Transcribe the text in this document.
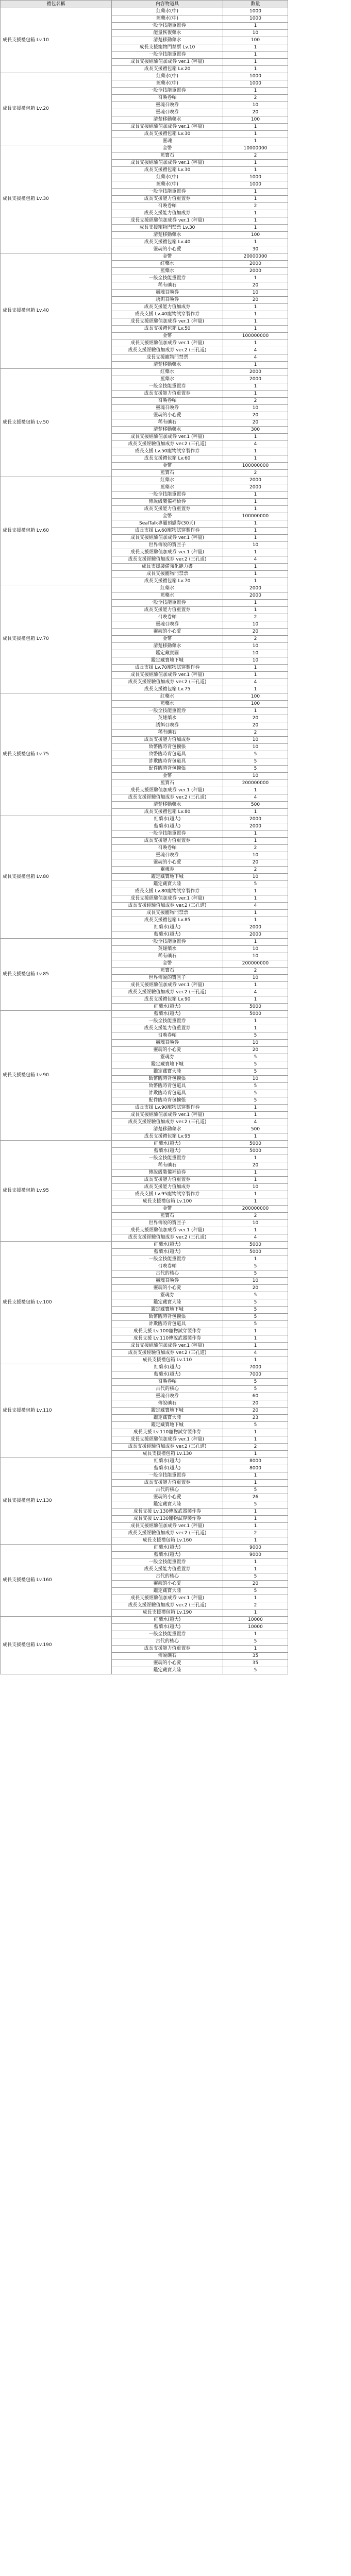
禮包名稱	內容物道具	數量
成長支援禮包箱 Lv.10	紅藥水(中)	1000
	藍藥水(中)	1000
	一般全技能重置券	1
	能量恢復藥水	10
	清楚移動藥水	100
	成長支援寵物門禁票 Lv.10	1
	一般全技能重置券	1
	成長支援經驗值加成券 ver.1 (秤量)	1
	成長支援禮包箱 Lv.20	1
成長支援禮包箱 Lv.20	紅藥水(中)	1000
	藍藥水(中)	1000
	一般全技能重置券	1
	召喚卷軸	2
	靈魂召喚券	10
	靈魂召喚券	20
	清楚移動藥水	100
	成長支援經驗值加成券 ver.1 (秤量)	1
	成長支援禮包箱 Lv.30	1
	靈魂	1
成長支援禮包箱 Lv.30	金幣	10000000
	藍寶石	2
	成長支援經驗值加成券 ver.1 (秤量)	1
	成長支援禮包箱 Lv.30	1
	紅藥水(中)	1000
	藍藥水(中)	1000
	一般全技能重置券	1
	成長支援能力值重置券	1
	召喚卷軸	2
	成長支援能力值加成券	1
	成長支援經驗值加成券 ver.1 (秤量)	1
	成長支援寵物門禁票 Lv.30	1
	清楚移動藥水	100
	成長支援禮包箱 Lv.40	1
	靈魂的小心愛	30
成長支援禮包箱 Lv.40	金幣	20000000
	紅藥水	2000
	藍藥水	2000
	一般全技能重置券	1
	稀有礦石	20
	靈魂召喚券	10
	誘餌召喚券	20
	成長支援能力值加成券	1
	成長支援 Lv.40寵物試穿製作券	1
	成長支援經驗值加成券 ver.1 (秤量)	1
	成長支援禮包箱 Lv.50	1
	金幣	100000000
	成長支援經驗值加成券 ver.1 (秤量)	1
	成長支援經驗值加成券 ver.2 (三孔道)	4
	成長支援寵物門禁票	4
	清楚移動藥水	1
成長支援禮包箱 Lv.50	紅藥水	2000
	藍藥水	2000
	一般全技能重置券	1
	成長支援能力值重置券	1
	召喚卷軸	2
	靈魂召喚券	10
	靈魂的小心愛	20
	稀有礦石	20
	清楚移動藥水	300
	成長支援經驗值加成券 ver.1 (秤量)	1
	成長支援經驗值加成券 ver.2 (三孔道)	4
	成長支援 Lv.50寵物試穿製作券	1
	成長支援禮包箱 Lv.60	1
	金幣	100000000
	藍寶石	2
成長支援禮包箱 Lv.60	紅藥水	2000
	藍藥水	2000
	一般全技能重置券	1
	傳說級裝備補給券	1
	成長支援能力值重置券	1
	金幣	100000000
	SealTalk專屬預感券(30天)	1
	成長支援 Lv.60寵物試穿製作券	1
	成長支援經驗值加成券 ver.1 (秤量)	1
	世界傳說的寶匣子	10
	成長支援經驗值加成券 ver.1 (秤量)	1
	成長支援經驗值加成券 ver.2 (三孔道)	4
	成長支援裝備強化能力書	1
	成長支援寵物門禁票	1
	成長支援禮包箱 Lv.70	1
成長支援禮包箱 Lv.70	紅藥水	2000
	藍藥水	2000
	一般全技能重置券	1
	成長支援能力值重置券	1
	召喚卷軸	2
	靈魂召喚券	10
	靈魂的小心愛	20
	金幣	2
	清楚移動藥水	10
	鑑定藏寶圖	10
	鑑定藏寶地下城	10
	成長支援 Lv.70寵物試穿製作券	1
	成長支援經驗值加成券 ver.1 (秤量)	1
	成長支援經驗值加成券 ver.2 (三孔道)	4
	成長支援禮包箱 Lv.75	1
成長支援禮包箱 Lv.75	紅藥水	100
	藍藥水	100
	一般全技能重置券	1
	英雄藥水	20
	誘餌召喚券	20
	稀有礦石	2
	成長支援能力值加成券	10
	致幣臨時背包擴張	10
	致幣臨時背包道具	5
	詐欺臨時背包道具	5
	配件臨時背包擴張	5
	金幣	10
	藍寶石	200000000
	成長支援經驗值加成券 ver.1 (秤量)	1
	成長支援經驗值加成券 ver.2 (三孔道)	4
	清楚移動藥水	500
	成長支援禮包箱 Lv.80	1
成長支援禮包箱 Lv.80	紅藥水(超大)	2000
	藍藥水(超大)	2000
	一般全技能重置券	1
	成長支援能力值重置券	1
	召喚卷軸	2
	靈魂召喚券	10
	靈魂的小心愛	20
	靈魂券	2
	鑑定藏寶地下城	10
	鑑定藏寶大陸	5
	成長支援 Lv.80寵物試穿製作券	1
	成長支援經驗值加成券 ver.1 (秤量)	1
	成長支援經驗值加成券 ver.2 (三孔道)	4
	成長支援寵物門禁票	1
	成長支援禮包箱 Lv.85	1
	紅藥水(超大)	2000
	藍藥水(超大)	2000
成長支援禮包箱 Lv.85	一般全技能重置券	1
	英雄藥水	10
	稀有礦石	10
	金幣	200000000
	藍寶石	2
	世界傳說的寶匣子	10
	成長支援經驗值加成券 ver.1 (秤量)	1
	成長支援經驗值加成券 ver.2 (三孔道)	4
	成長支援禮包箱 Lv.90	1
	紅藥水(超大)	5000
成長支援禮包箱 Lv.90	藍藥水(超大)	5000
	一般全技能重置券	1
	成長支援能力值重置券	1
	召喚卷軸	5
	靈魂召喚券	10
	靈魂的小心愛	20
	靈魂券	5
	鑑定藏寶地下城	5
	鑑定藏寶大陸	5
	致幣臨時背包擴張	10
	致幣臨時背包道具	5
	詐欺臨時背包道具	5
	配件臨時背包擴張	5
	成長支援 Lv.90寵物試穿製作券	1
	成長支援經驗值加成券 ver.1 (秤量)	1
	成長支援經驗值加成券 ver.2 (三孔道)	4
	清楚移動藥水	500
	成長支援禮包箱 Lv.95	1
成長支援禮包箱 Lv.95	紅藥水(超大)	5000
	藍藥水(超大)	5000
	一般全技能重置券	1
	稀有礦石	20
	傳說級裝備補給券	1
	成長支援能力值重置券	1
	成長支援能力值加成券	10
	成長支援 Lv.95寵物試穿製作券	1
	成長支援禮包箱 Lv.100	1
	金幣	200000000
	藍寶石	2
	世界傳說的寶匣子	10
	成長支援經驗值加成券 ver.1 (秤量)	1
	成長支援經驗值加成券 ver.2 (三孔道)	4
成長支援禮包箱 Lv.100	紅藥水(超大)	5000
	藍藥水(超大)	5000
	一般全技能重置券	1
	召喚卷軸	5
	古代的核心	5
	靈魂召喚券	10
	靈魂的小心愛	20
	靈魂券	5
	鑑定藏寶大陸	5
	鑑定藏寶地下城	5
	致幣臨時背包擴張	5
	詐欺臨時背包道具	5
	成長支援 Lv.100寵物試穿製作券	1
	成長支援 Lv.110傳說武器製作券	1
	成長支援經驗值加成券 ver.1 (秤量)	1
	成長支援經驗值加成券 ver.2 (三孔道)	4
	成長支援禮包箱 Lv.110	1
成長支援禮包箱 Lv.110	紅藥水(超大)	7000
	藍藥水(超大)	7000
	召喚卷軸	5
	古代的核心	5
	靈魂召喚券	60
	傳說礦石	20
	鑑定藏寶地下城	20
	鑑定藏寶大陸	23
	鑑定藏寶地下城	5
	成長支援 Lv.110寵物試穿製作券	1
	成長支援經驗值加成券 ver.1 (秤量)	1
	成長支援經驗值加成券 ver.2 (三孔道)	2
	成長支援禮包箱 Lv.130	1
成長支援禮包箱 Lv.130	紅藥水(超大)	8000
	藍藥水(超大)	8000
	一般全技能重置券	1
	成長支援能力值重置券	1
	古代的核心	5
	靈魂的小心愛	26
	鑑定藏寶大陸	5
	成長支援 Lv.130傳說武器製作券	1
	成長支援 Lv.130寵物試穿製作券	1
	成長支援經驗值加成券 ver.1 (秤量)	1
	成長支援經驗值加成券 ver.2 (三孔道)	2
	成長支援禮包箱 Lv.160	1
成長支援禮包箱 Lv.160	紅藥水(超大)	9000
	藍藥水(超大)	9000
	一般全技能重置券	1
	成長支援能力值重置券	1
	古代的核心	5
	靈魂的小心愛	20
	鑑定藏寶大陸	5
	成長支援經驗值加成券 ver.1 (秤量)	1
	成長支援經驗值加成券 ver.2 (三孔道)	2
	成長支援禮包箱 Lv.190	1
成長支援禮包箱 Lv.190	紅藥水(超大)	10000
	藍藥水(超大)	10000
	一般全技能重置券	1
	古代的核心	5
	成長支援能力值重置券	1
	傳說礦石	35
	靈魂的小心愛	35
	鑑定藏寶大陸	5
